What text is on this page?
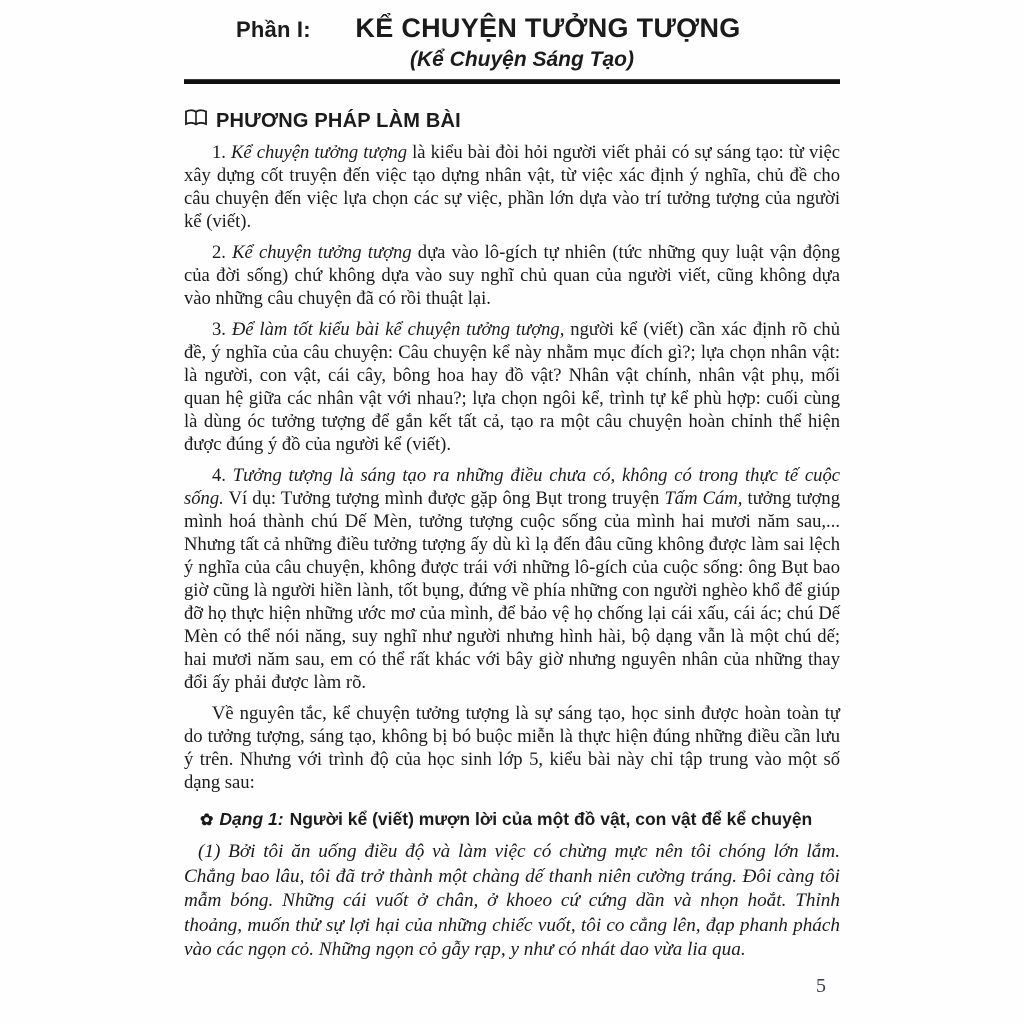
Phần I:	KỂ CHUYỆN TƯỞNG TƯỢNG
(Kể Chuyện Sáng Tạo)
PHƯƠNG PHÁP LÀM BÀI

1. Kể chuyện tưởng tượng là kiểu bài đòi hỏi người viết phải có sự sáng tạo: từ việc xây dựng cốt truyện đến việc tạo dựng nhân vật, từ việc xác định ý nghĩa, chủ đề cho câu chuyện đến việc lựa chọn các sự việc, phần lớn dựa vào trí tưởng tượng của người kể (viết).

2. Kể chuyện tưởng tượng dựa vào lô-gích tự nhiên (tức những quy luật vận động của đời sống) chứ không dựa vào suy nghĩ chủ quan của người viết, cũng không dựa vào những câu chuyện đã có rồi thuật lại.

3. Để làm tốt kiểu bài kể chuyện tưởng tượng, người kể (viết) cần xác định rõ chủ đề, ý nghĩa của câu chuyện: Câu chuyện kể này nhằm mục đích gì?; lựa chọn nhân vật: là người, con vật, cái cây, bông hoa hay đồ vật? Nhân vật chính, nhân vật phụ, mối quan hệ giữa các nhân vật với nhau?; lựa chọn ngôi kể, trình tự kể phù hợp: cuối cùng là dùng óc tưởng tượng để gắn kết tất cả, tạo ra một câu chuyện hoàn chỉnh thể hiện được đúng ý đồ của người kể (viết).

4. Tưởng tượng là sáng tạo ra những điều chưa có, không có trong thực tế cuộc sống. Ví dụ: Tưởng tượng mình được gặp ông Bụt trong truyện Tấm Cám, tưởng tượng mình hoá thành chú Dế Mèn, tưởng tượng cuộc sống của mình hai mươi năm sau,... Nhưng tất cả những điều tưởng tượng ấy dù kì lạ đến đâu cũng không được làm sai lệch ý nghĩa của câu chuyện, không được trái với những lô-gích của cuộc sống: ông Bụt bao giờ cũng là người hiền lành, tốt bụng, đứng về phía những con người nghèo khổ để giúp đỡ họ thực hiện những ước mơ của mình, để bảo vệ họ chống lại cái xấu, cái ác; chú Dế Mèn có thể nói năng, suy nghĩ như người nhưng hình hài, bộ dạng vẫn là một chú dế; hai mươi năm sau, em có thể rất khác với bây giờ nhưng nguyên nhân của những thay đổi ấy phải được làm rõ.

Về nguyên tắc, kể chuyện tưởng tượng là sự sáng tạo, học sinh được hoàn toàn tự do tưởng tượng, sáng tạo, không bị bó buộc miễn là thực hiện đúng những điều cần lưu ý trên. Nhưng với trình độ của học sinh lớp 5, kiểu bài này chỉ tập trung vào một số dạng sau:

✿ Dạng 1: Người kể (viết) mượn lời của một đồ vật, con vật để kể chuyện

(1) Bởi tôi ăn uống điều độ và làm việc có chừng mực nên tôi chóng lớn lắm. Chẳng bao lâu, tôi đã trở thành một chàng dế thanh niên cường tráng. Đôi càng tôi mẫm bóng. Những cái vuốt ở chân, ở khoeo cứ cứng dần và nhọn hoắt. Thỉnh thoảng, muốn thử sự lợi hại của những chiếc vuốt, tôi co cẳng lên, đạp phanh phách vào các ngọn cỏ. Những ngọn cỏ gẫy rạp, y như có nhát dao vừa lia qua.

5
